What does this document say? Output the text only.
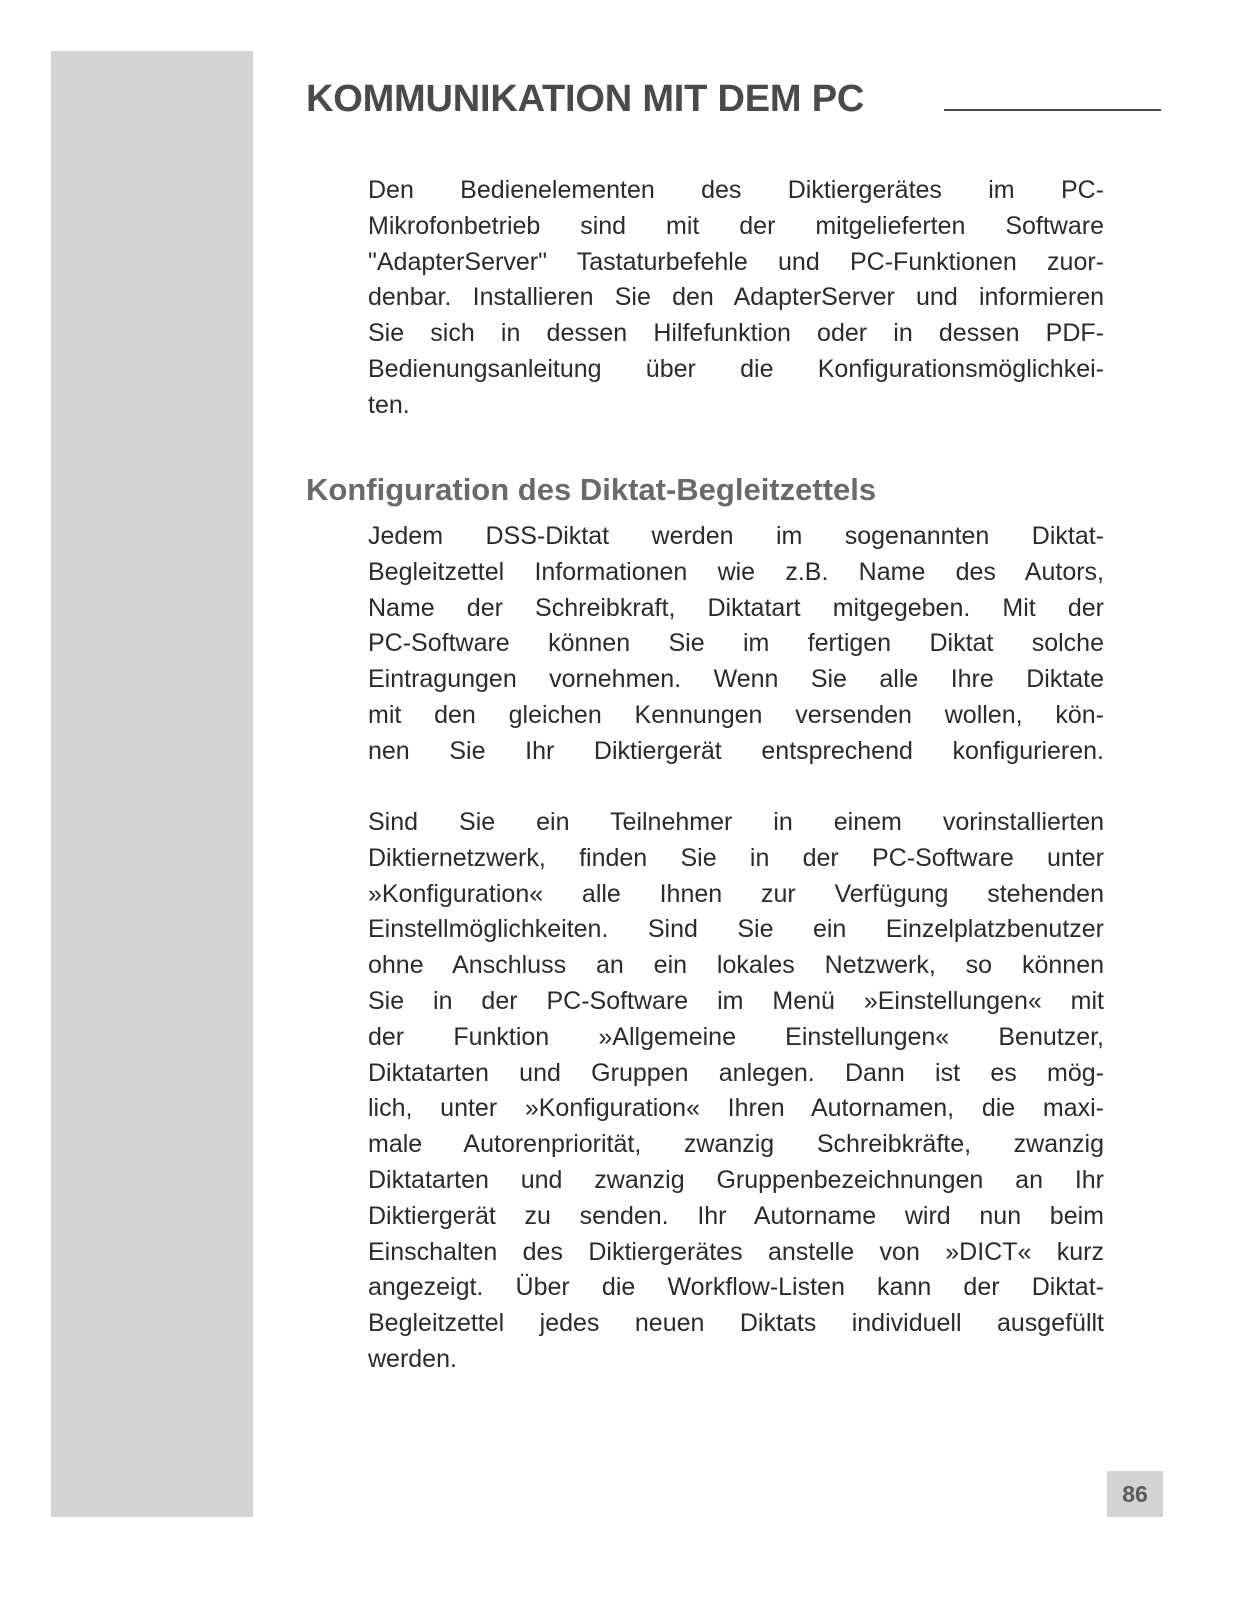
KOMMUNIKATION MIT DEM PC
Den Bedienelementen des Diktiergerätes im PC-
Mikrofonbetrieb sind mit der mitgelieferten Software
"AdapterServer" Tastaturbefehle und PC-Funktionen zuor-
denbar. Installieren Sie den AdapterServer und informieren
Sie sich in dessen Hilfefunktion oder in dessen PDF-
Bedienungsanleitung über die Konfigurationsmöglichkei-
ten.
Konfiguration des Diktat-Begleitzettels
Jedem DSS-Diktat werden im sogenannten Diktat-
Begleitzettel Informationen wie z.B. Name des Autors,
Name der Schreibkraft, Diktatart mitgegeben. Mit der
PC-Software können Sie im fertigen Diktat solche
Eintragungen vornehmen. Wenn Sie alle Ihre Diktate
mit den gleichen Kennungen versenden wollen, kön-
nen Sie Ihr Diktiergerät entsprechend konfigurieren.
Sind Sie ein Teilnehmer in einem vorinstallierten
Diktiernetzwerk, finden Sie in der PC-Software unter
»Konfiguration« alle Ihnen zur Verfügung stehenden
Einstellmöglichkeiten. Sind Sie ein Einzelplatzbenutzer
ohne Anschluss an ein lokales Netzwerk, so können
Sie in der PC-Software im Menü »Einstellungen« mit
der Funktion »Allgemeine Einstellungen« Benutzer,
Diktatarten und Gruppen anlegen. Dann ist es mög-
lich, unter »Konfiguration« Ihren Autornamen, die maxi-
male Autorenpriorität, zwanzig Schreibkräfte, zwanzig
Diktatarten und zwanzig Gruppenbezeichnungen an Ihr
Diktiergerät zu senden. Ihr Autorname wird nun beim
Einschalten des Diktiergerätes anstelle von »DICT« kurz
angezeigt. Über die Workflow-Listen kann der Diktat-
Begleitzettel jedes neuen Diktats individuell ausgefüllt
werden.
86
